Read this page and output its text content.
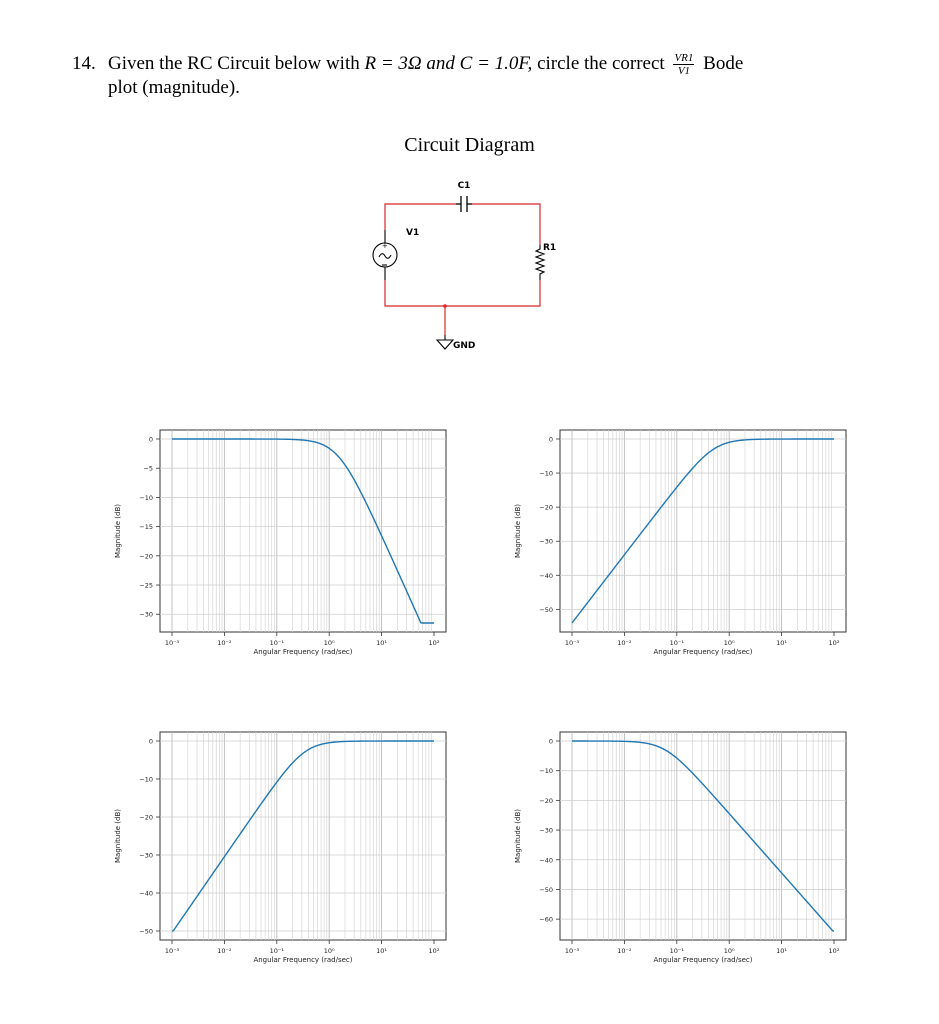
14. Given the RC Circuit below with R = 3Ω and C = 1.0F, circle the correct $\frac{VR1}{V1}$ Bode
plot (magnitude).
Circuit Diagram
C1
+
V1
R1
GND
0
−5
−10
−15
−20
−25
−30
10⁻³	10⁻²	10⁻¹	10⁰	10¹	10²
Angular Frequency (rad/sec)
Magnitude (dB)
0
−10
−20
−30
−40
−50
10⁻³	10⁻²	10⁻¹	10⁰	10¹	10²
Angular Frequency (rad/sec)
Magnitude (dB)
0
−10
−20
−30
−40
−50
10⁻³	10⁻²	10⁻¹	10⁰	10¹	10²
Angular Frequency (rad/sec)
Magnitude (dB)
0
−10
−20
−30
−40
−50
−60
10⁻³	10⁻²	10⁻¹	10⁰	10¹	10²
Angular Frequency (rad/sec)
Magnitude (dB)
